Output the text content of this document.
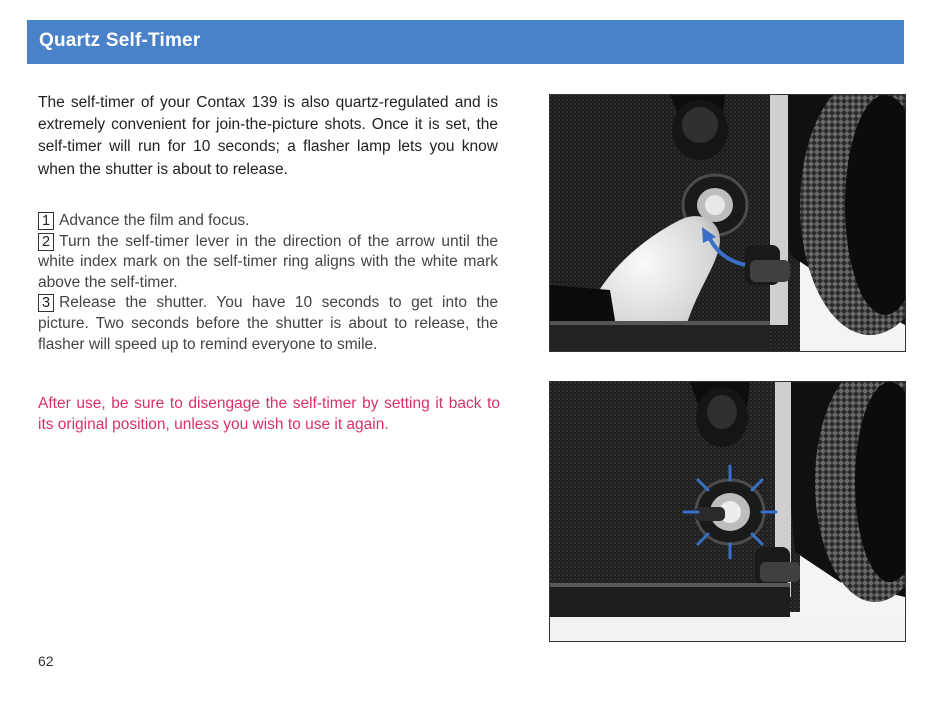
Quartz Self-Timer
The self-timer of your Contax 139 is also quartz-regulated and is extremely convenient for join-the-picture shots. Once it is set, the self-timer will run for 10 seconds; a flasher lamp lets you know when the shutter is about to release.

1 Advance the film and focus.

2 Turn the self-timer lever in the direction of the arrow until the white index mark on the self-timer ring aligns with the white mark above the self-timer.

3 Release the shutter. You have 10 seconds to get into the picture. Two seconds before the shutter is about to release, the flasher will speed up to remind everyone to smile.

After use, be sure to disengage the self-timer by setting it back to its original position, unless you wish to use it again.
62
